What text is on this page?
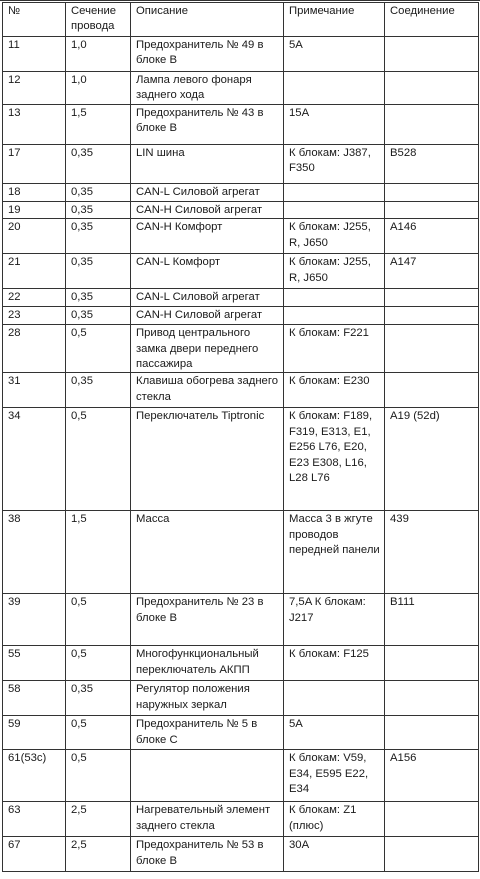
№	Сечение провода	Описание	Примечание	Соединение
11	1,0	Предохранитель № 49 в блоке B	5A	
12	1,0	Лампа левого фонаря заднего хода		
13	1,5	Предохранитель № 43 в блоке B	15A	
17	0,35	LIN шина	К блокам: J387, F350	B528
18	0,35	CAN-L Силовой агрегат		
19	0,35	CAN-H Силовой агрегат		
20	0,35	CAN-H Комфорт	К блокам: J255, R, J650	A146
21	0,35	CAN-L Комфорт	К блокам: J255, R, J650	A147
22	0,35	CAN-L Силовой агрегат		
23	0,35	CAN-H Силовой агрегат		
28	0,5	Привод центрального замка двери переднего пассажира	К блокам: F221	
31	0,35	Клавиша обогрева заднего стекла	К блокам: E230	
34	0,5	Переключатель Tiptronic	К блокам: F189, F319, E313, E1, E256 L76, E20, E23 E308, L16, L28 L76	A19 (52d)
38	1,5	Масса	Масса 3 в жгуте проводов передней панели	439
39	0,5	Предохранитель № 23 в блоке B	7,5A К блокам: J217	B111
55	0,5	Многофункциональный переключатель АКПП	К блокам: F125	
58	0,35	Регулятор положения наружных зеркал		
59	0,5	Предохранитель № 5 в блоке С	5A	
61(53c)	0,5		К блокам: V59, E34, E595 E22, E34	A156
63	2,5	Нагревательный элемент заднего стекла	К блокам: Z1 (плюс)	
67	2,5	Предохранитель № 53 в блоке B	30A	
